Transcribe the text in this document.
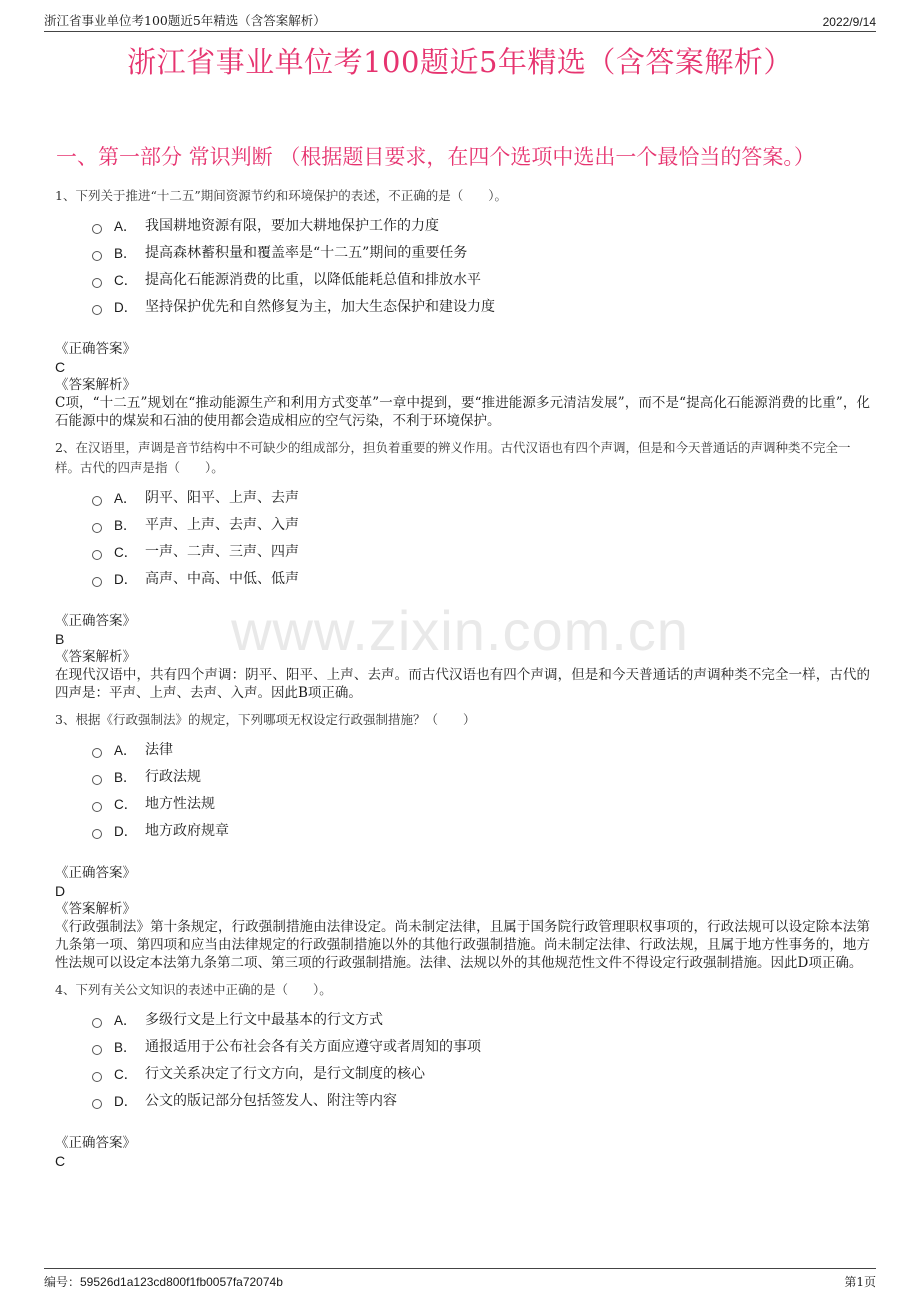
浙江省事业单位考100题近5年精选（含答案解析）	2022/9/14
浙江省事业单位考100题近5年精选（含答案解析）
一、第一部分 常识判断 （根据题目要求，在四个选项中选出一个最恰当的答案。）
www.zixin.com.cn
1、下列关于推进“十二五”期间资源节约和环境保护的表述，不正确的是（　　）。
A． 我国耕地资源有限，要加大耕地保护工作的力度
B． 提高森林蓄积量和覆盖率是“十二五”期间的重要任务
C． 提高化石能源消费的比重，以降低能耗总值和排放水平
D． 坚持保护优先和自然修复为主，加大生态保护和建设力度
《正确答案》
C
《答案解析》
C项，“十二五”规划在“推动能源生产和利用方式变革”一章中提到，要“推进能源多元清洁发展”，而不是“提高化石能源消费的比重”，化石能源中的煤炭和石油的使用都会造成相应的空气污染，不利于环境保护。
2、在汉语里，声调是音节结构中不可缺少的组成部分，担负着重要的辨义作用。古代汉语也有四个声调，但是和今天普通话的声调种类不完全一样。古代的四声是指（　　）。
A． 阴平、阳平、上声、去声
B． 平声、上声、去声、入声
C． 一声、二声、三声、四声
D． 高声、中高、中低、低声
《正确答案》
B
《答案解析》
在现代汉语中，共有四个声调：阴平、阳平、上声、去声。而古代汉语也有四个声调，但是和今天普通话的声调种类不完全一样，古代的四声是：平声、上声、去声、入声。因此B项正确。
3、根据《行政强制法》的规定，下列哪项无权设定行政强制措施？（　　）
A． 法律
B． 行政法规
C． 地方性法规
D． 地方政府规章
《正确答案》
D
《答案解析》
《行政强制法》第十条规定，行政强制措施由法律设定。尚未制定法律，且属于国务院行政管理职权事项的，行政法规可以设定除本法第九条第一项、第四项和应当由法律规定的行政强制措施以外的其他行政强制措施。尚未制定法律、行政法规，且属于地方性事务的，地方性法规可以设定本法第九条第二项、第三项的行政强制措施。法律、法规以外的其他规范性文件不得设定行政强制措施。因此D项正确。
4、下列有关公文知识的表述中正确的是（　　）。
A． 多级行文是上行文中最基本的行文方式
B． 通报适用于公布社会各有关方面应遵守或者周知的事项
C． 行文关系决定了行文方向，是行文制度的核心
D． 公文的版记部分包括签发人、附注等内容
《正确答案》
C
编号：59526d1a123cd800f1fb0057fa72074b	第1页
